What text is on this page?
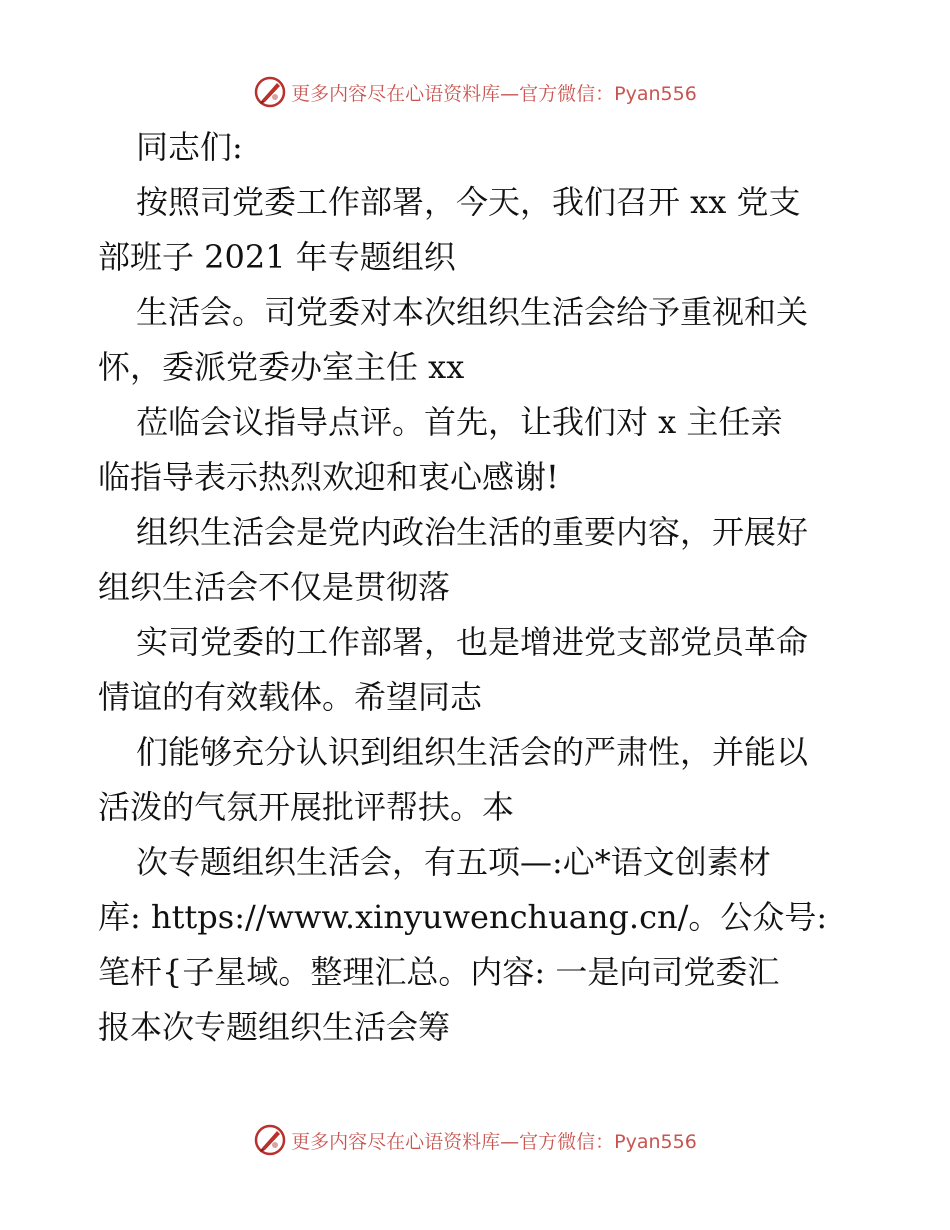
更多内容尽在心语资料库—官方微信：Pyan556
同志们:
按照司党委工作部署，今天，我们召开 xx 党支
部班子 2021 年专题组织
生活会。司党委对本次组织生活会给予重视和关
怀，委派党委办室主任 xx
莅临会议指导点评。首先，让我们对 x 主任亲
临指导表示热烈欢迎和衷心感谢!
组织生活会是党内政治生活的重要内容，开展好
组织生活会不仅是贯彻落
实司党委的工作部署，也是增进党支部党员革命
情谊的有效载体。希望同志
们能够充分认识到组织生活会的严肃性，并能以
活泼的气氛开展批评帮扶。本
次专题组织生活会，有五项—:心*语文创素材
库: https://www.xinyuwenchuang.cn/。公众号:
笔杆{子星域。整理汇总。内容: 一是向司党委汇
报本次专题组织生活会筹
更多内容尽在心语资料库—官方微信：Pyan556
